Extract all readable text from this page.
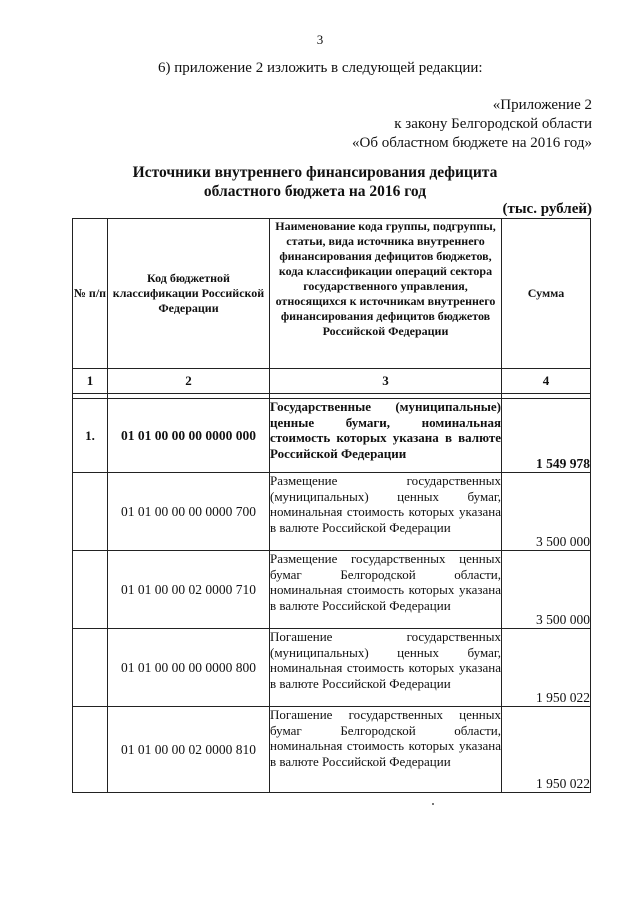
3
6) приложение 2 изложить в следующей редакции:
«Приложение 2
к закону Белгородской области
«Об областном бюджете на 2016 год»
Источники внутреннего финансирования дефицита
областного бюджета на 2016 год
(тыс. рублей)
№ п/п	Код бюджетной классификации Российской Федерации	Наименование кода группы, подгруппы, статьи, вида источника внутреннего финансирования дефицитов бюджетов, кода классификации операций сектора государственного управления, относящихся к источникам внутреннего финансирования дефицитов бюджетов Российской Федерации	Сумма
1	2	3	4

1.	01 01 00 00 00 0000 000	Государственные (муниципальные) ценные бумаги, номинальная стоимость которых указана в валюте Российской Федерации	1 549 978
	01 01 00 00 00 0000 700	Размещение государственных (муниципальных) ценных бумаг, номинальная стоимость которых указана в валюте Российской Федерации	3 500 000
	01 01 00 00 02 0000 710	Размещение государственных ценных бумаг Белгородской области, номинальная стоимость которых указана в валюте Российской Федерации	3 500 000
	01 01 00 00 00 0000 800	Погашение государственных (муниципальных) ценных бумаг, номинальная стоимость которых указана в валюте Российской Федерации	1 950 022
	01 01 00 00 02 0000 810	Погашение государственных ценных бумаг Белгородской области, номинальная стоимость которых указана в валюте Российской Федерации	1 950 022
